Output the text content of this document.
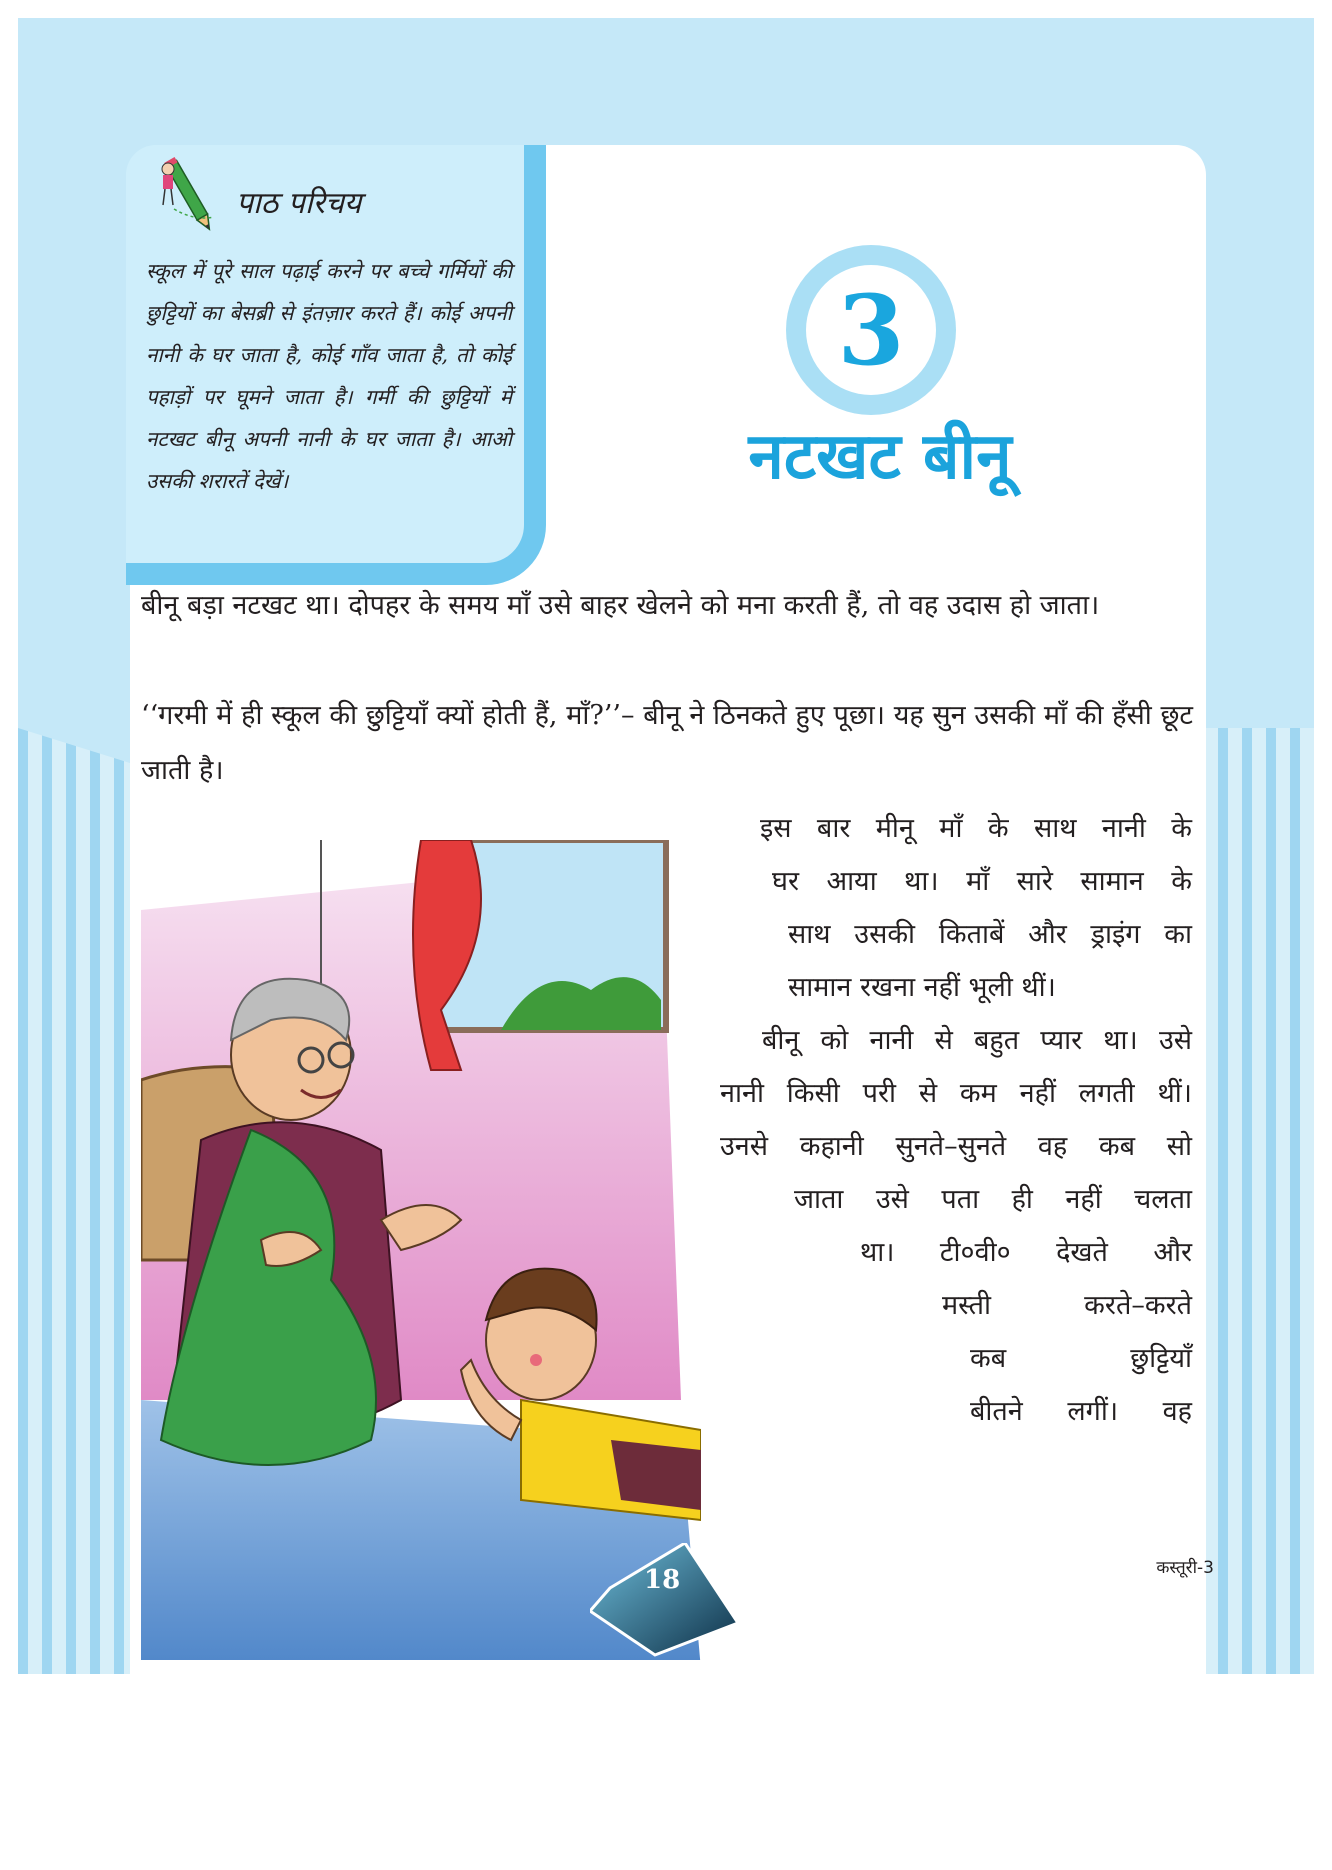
पाठ परिचय
स्कूल में पूरे साल पढ़ाई करने पर बच्चे गर्मियों की छुट्टियों का बेसब्री से इंतज़ार करते हैं। कोई अपनी नानी के घर जाता है, कोई गाँव जाता है, तो कोई पहाड़ों पर घूमने जाता है। गर्मी की छुट्टियों में नटखट बीनू अपनी नानी के घर जाता है। आओ उसकी शरारतें देखें।
3
नटखट बीनू

बीनू बड़ा नटखट था। दोपहर के समय माँ उसे बाहर खेलने को मना करती हैं, तो वह उदास हो जाता।

‘‘गरमी में ही स्कूल की छुट्टियाँ क्यों होती हैं, माँ?’’– बीनू ने ठिनकते हुए पूछा। यह सुन उसकी माँ की हँसी छूट जाती है।

इस बार मीनू माँ के साथ नानी के
घर आया था। माँ सारे सामान के
साथ उसकी किताबें और ड्राइंग का
सामान रखना नहीं भूली थीं।
बीनू को नानी से बहुत प्यार था। उसे
नानी किसी परी से कम नहीं लगती थीं।
उनसे कहानी सुनते–सुनते वह कब सो
जाता उसे पता ही नहीं चलता
था। टी०वी० देखते और
मस्ती करते–करते
कब छुट्टियाँ
बीतने लगीं। वह
18	कस्तूरी-3
